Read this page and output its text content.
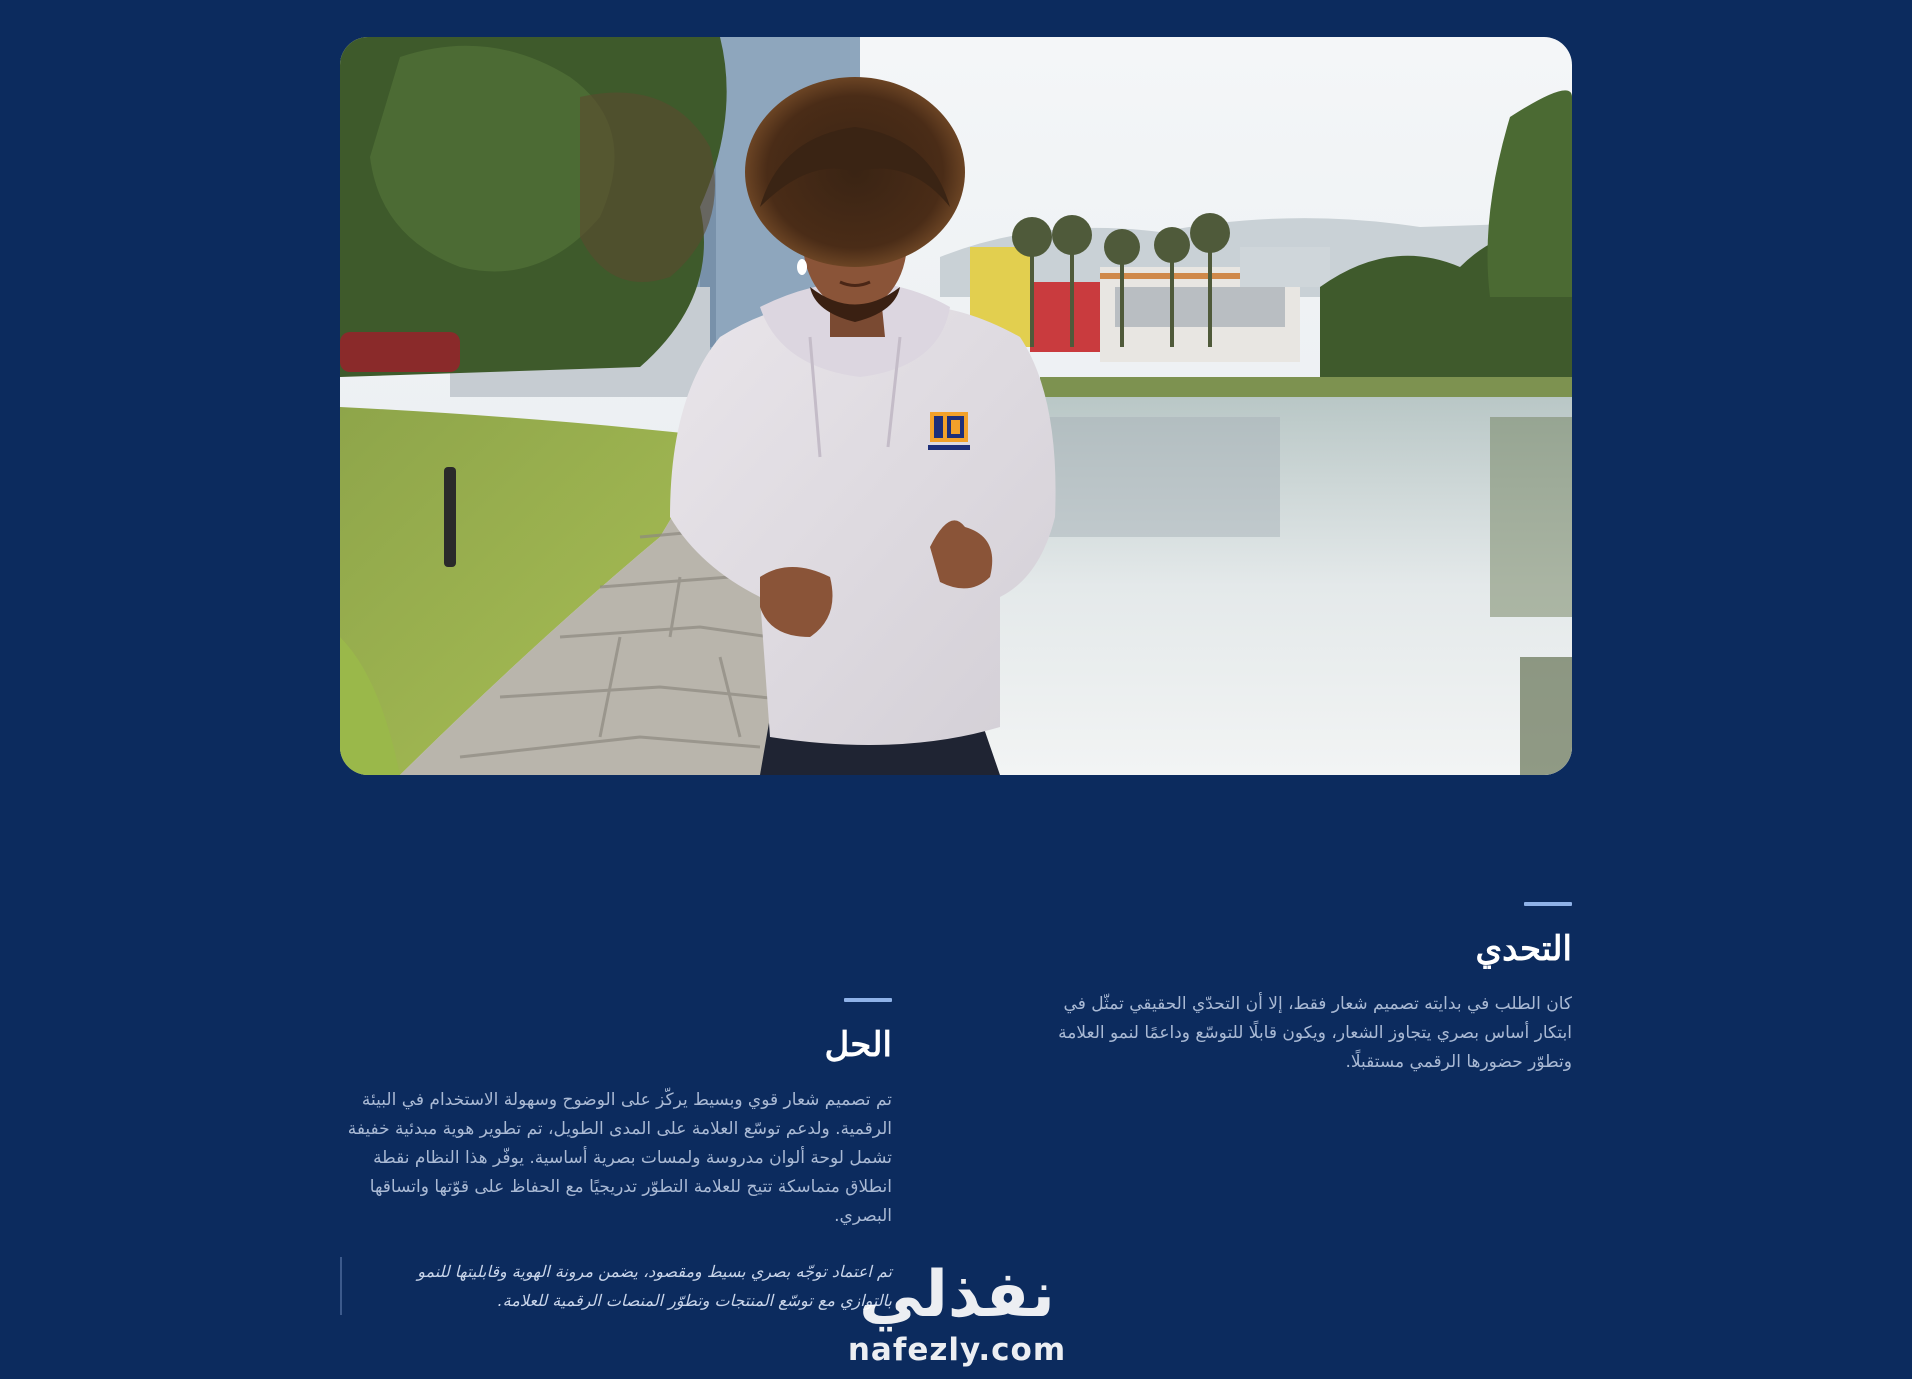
التحدي

كان الطلب في بدايته تصميم شعار فقط، إلا أن التحدّي الحقيقي تمثّل في ابتكار أساس بصري يتجاوز الشعار، ويكون قابلًا للتوسّع وداعمًا لنمو العلامة وتطوّر حضورها الرقمي مستقبلًا.

الحل

تم تصميم شعار قوي وبسيط يركّز على الوضوح وسهولة الاستخدام في البيئة الرقمية. ولدعم توسّع العلامة على المدى الطويل، تم تطوير هوية مبدئية خفيفة تشمل لوحة ألوان مدروسة ولمسات بصرية أساسية. يوفّر هذا النظام نقطة انطلاق متماسكة تتيح للعلامة التطوّر تدريجيًا مع الحفاظ على قوّتها واتساقها البصري.

تم اعتماد توجّه بصري بسيط ومقصود، يضمن مرونة الهوية وقابليتها للنمو بالتوازي مع توسّع المنتجات وتطوّر المنصات الرقمية للعلامة.

نفذلي
nafezly.com
